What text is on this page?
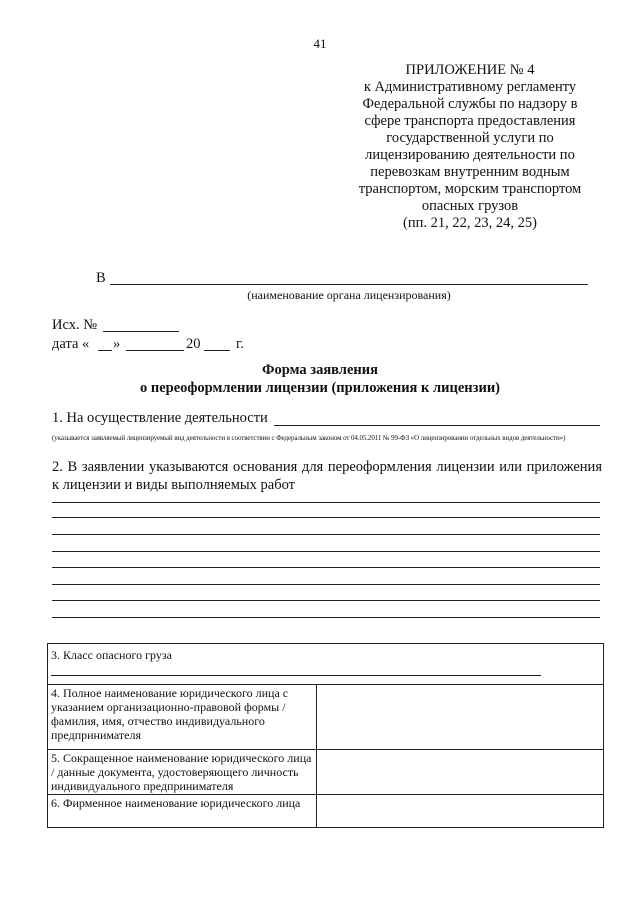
41
ПРИЛОЖЕНИЕ № 4
к Административному регламенту
Федеральной службы по надзору в
сфере транспорта предоставления
государственной услуги по
лицензированию деятельности по
перевозкам внутренним водным
транспортом, морским транспортом
опасных грузов
(пп. 21, 22, 23, 24, 25)
В
(наименование органа лицензирования)
Исх. №
дата « »	20 г.
Форма заявления
о переоформлении лицензии (приложения к лицензии)
1. На осуществление деятельности
(указывается заявляемый лицензируемый вид деятельности в соответствии с Федеральным законом от 04.05.2011 № 99-ФЗ «О лицензировании отдельных видов деятельности»)
2. В заявлении указываются основания для переоформления лицензии или приложения к лицензии и виды выполняемых работ
3. Класс опасного груза	

4. Полное наименование юридического лица с указанием организационно-правовой формы / фамилия, имя, отчество индивидуального предпринимателя	
5. Сокращенное наименование юридического лица / данные документа, удостоверяющего личность индивидуального предпринимателя	
6. Фирменное наименование юридического лица	
